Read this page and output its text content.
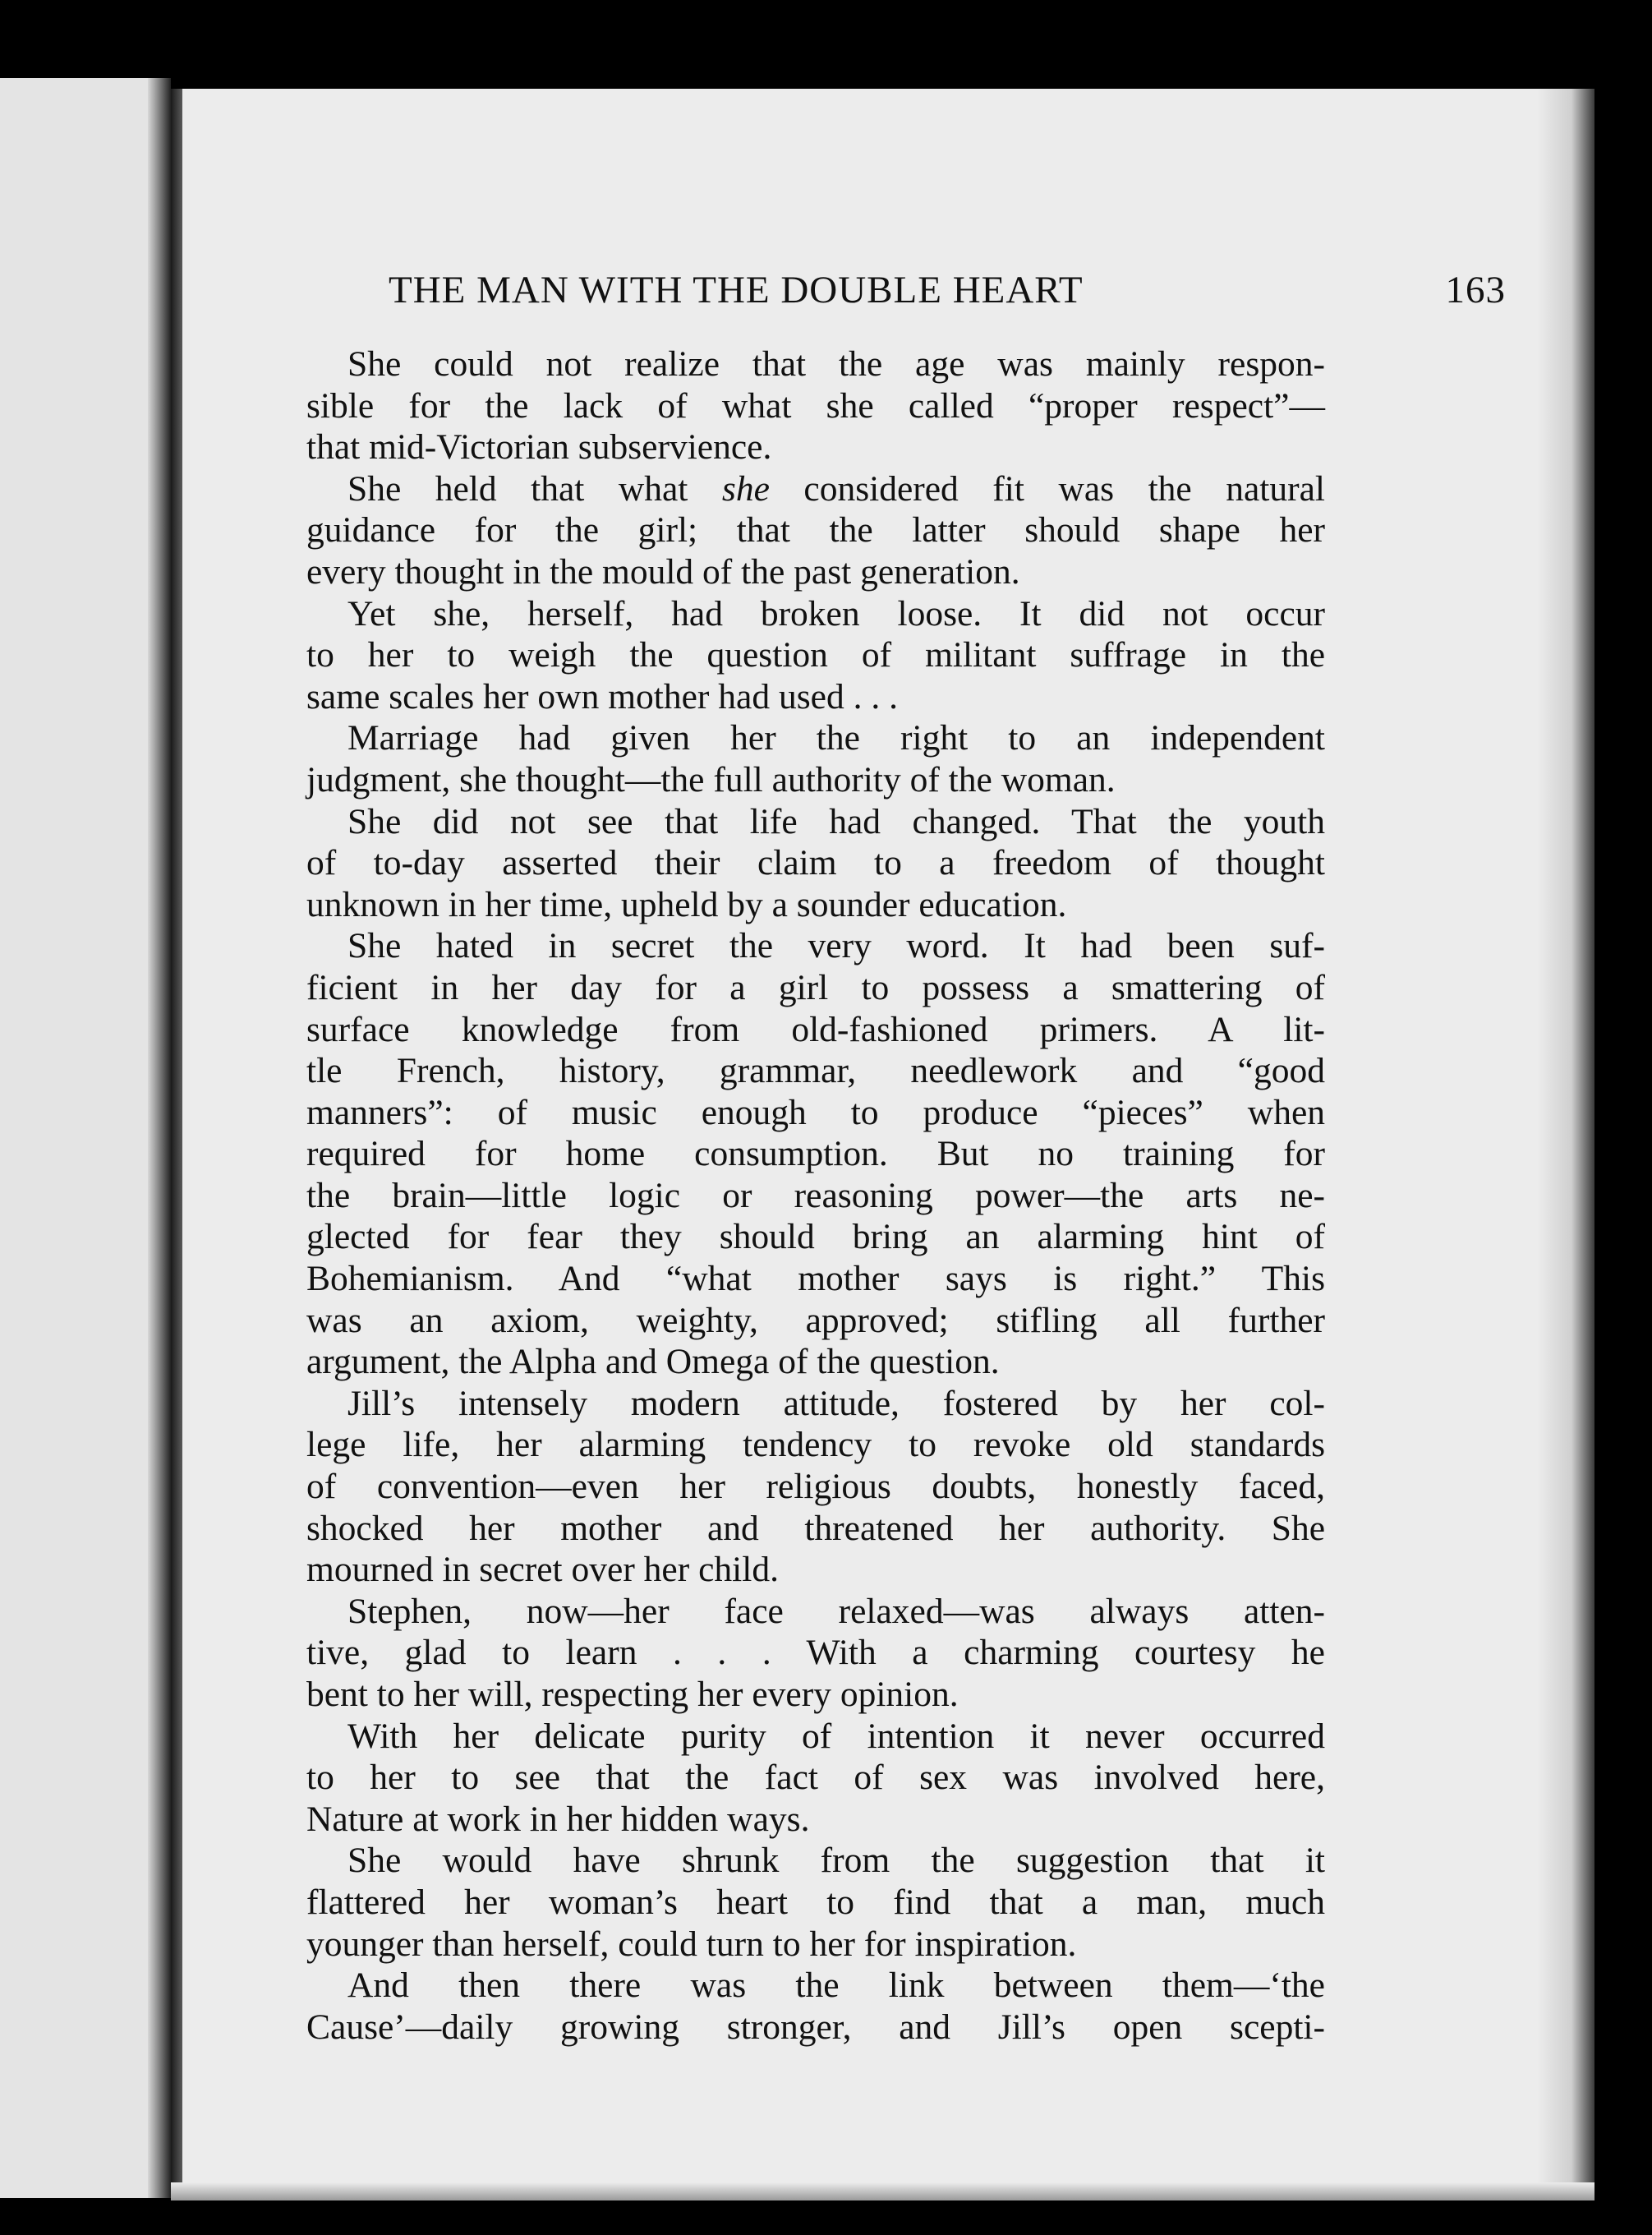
THE MAN WITH THE DOUBLE HEART	163
She could not realize that the age was mainly respon-
sible for the lack of what she called “proper respect”—
that mid-Victorian subservience.
She held that what she considered fit was the natural
guidance for the girl; that the latter should shape her
every thought in the mould of the past generation.
Yet she, herself, had broken loose. It did not occur
to her to weigh the question of militant suffrage in the
same scales her own mother had used . . .
Marriage had given her the right to an independent
judgment, she thought—the full authority of the woman.
She did not see that life had changed. That the youth
of to-day asserted their claim to a freedom of thought
unknown in her time, upheld by a sounder education.
She hated in secret the very word. It had been suf-
ficient in her day for a girl to possess a smattering of
surface knowledge from old-fashioned primers. A lit-
tle French, history, grammar, needlework and “good
manners”: of music enough to produce “pieces” when
required for home consumption. But no training for
the brain—little logic or reasoning power—the arts ne-
glected for fear they should bring an alarming hint of
Bohemianism. And “what mother says is right.” This
was an axiom, weighty, approved; stifling all further
argument, the Alpha and Omega of the question.
Jill’s intensely modern attitude, fostered by her col-
lege life, her alarming tendency to revoke old standards
of convention—even her religious doubts, honestly faced,
shocked her mother and threatened her authority. She
mourned in secret over her child.
Stephen, now—her face relaxed—was always atten-
tive, glad to learn . . . With a charming courtesy he
bent to her will, respecting her every opinion.
With her delicate purity of intention it never occurred
to her to see that the fact of sex was involved here,
Nature at work in her hidden ways.
She would have shrunk from the suggestion that it
flattered her woman’s heart to find that a man, much
younger than herself, could turn to her for inspiration.
And then there was the link between them—‘the
Cause’—daily growing stronger, and Jill’s open scepti-
